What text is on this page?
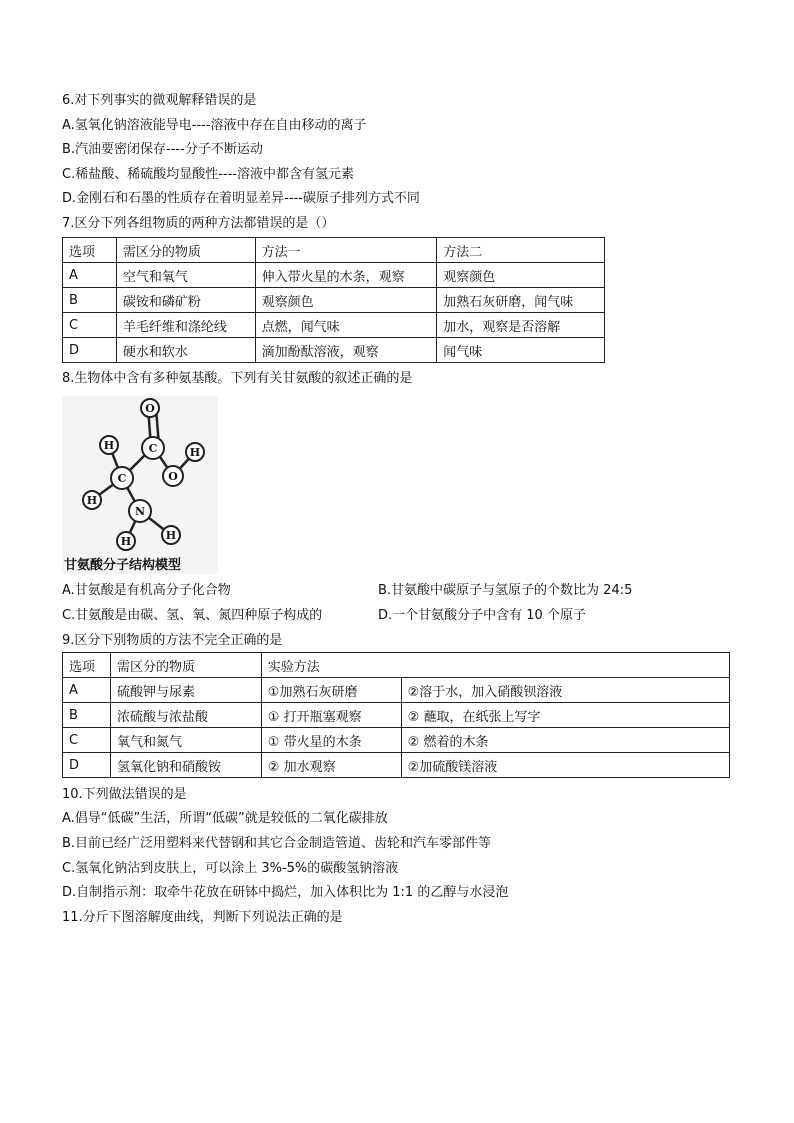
6.对下列事实的微观解释错误的是
A.氢氧化钠溶液能导电----溶液中存在自由移动的离子
B.汽油要密闭保存----分子不断运动
C.稀盐酸、稀硫酸均显酸性----溶液中都含有氢元素
D.金刚石和石墨的性质存在着明显差异----碳原子排列方式不同
7.区分下列各组物质的两种方法都错误的是（）
选项	需区分的物质	方法一	方法二
A	空气和氧气	伸入带火星的木条，观察	观察颜色
B	碳铵和磷矿粉	观察颜色	加熟石灰研磨，闻气味
C	羊毛纤维和涤纶线	点燃，闻气味	加水，观察是否溶解
D	硬水和软水	滴加酚酞溶液，观察	闻气味
8.生物体中含有多种氨基酸。下列有关甘氨酸的叙述正确的是
O
C
H
O
H
C
H
N
H
H
甘氨酸分子结构模型
A.甘氨酸是有机高分子化合物	B.甘氨酸中碳原子与氢原子的个数比为 24:5
C.甘氨酸是由碳、氢、氧、氮四种原子构成的	D.一个甘氨酸分子中含有 10 个原子
9.区分下别物质的方法不完全正确的是
选项	需区分的物质	实验方法	
A	硫酸钾与尿素	①加熟石灰研磨	②溶于水，加入硝酸钡溶液
B	浓硫酸与浓盐酸	① 打开瓶塞观察	② 蘸取，在纸张上写字
C	氧气和氮气	① 带火星的木条	② 燃着的木条
D	氢氧化钠和硝酸铵	② 加水观察	②加硫酸镁溶液
10.下列做法错误的是
A.倡导“低碳”生活，所谓“低碳”就是较低的二氧化碳排放
B.目前已经广泛用塑料来代替钢和其它合金制造管道、齿轮和汽车零部件等
C.氢氧化钠沾到皮肤上，可以涂上 3%-5%的碳酸氢钠溶液
D.自制指示剂：取牵牛花放在研钵中捣烂，加入体积比为 1:1 的乙醇与水浸泡
11.分斤下图溶解度曲线，判断下列说法正确的是
